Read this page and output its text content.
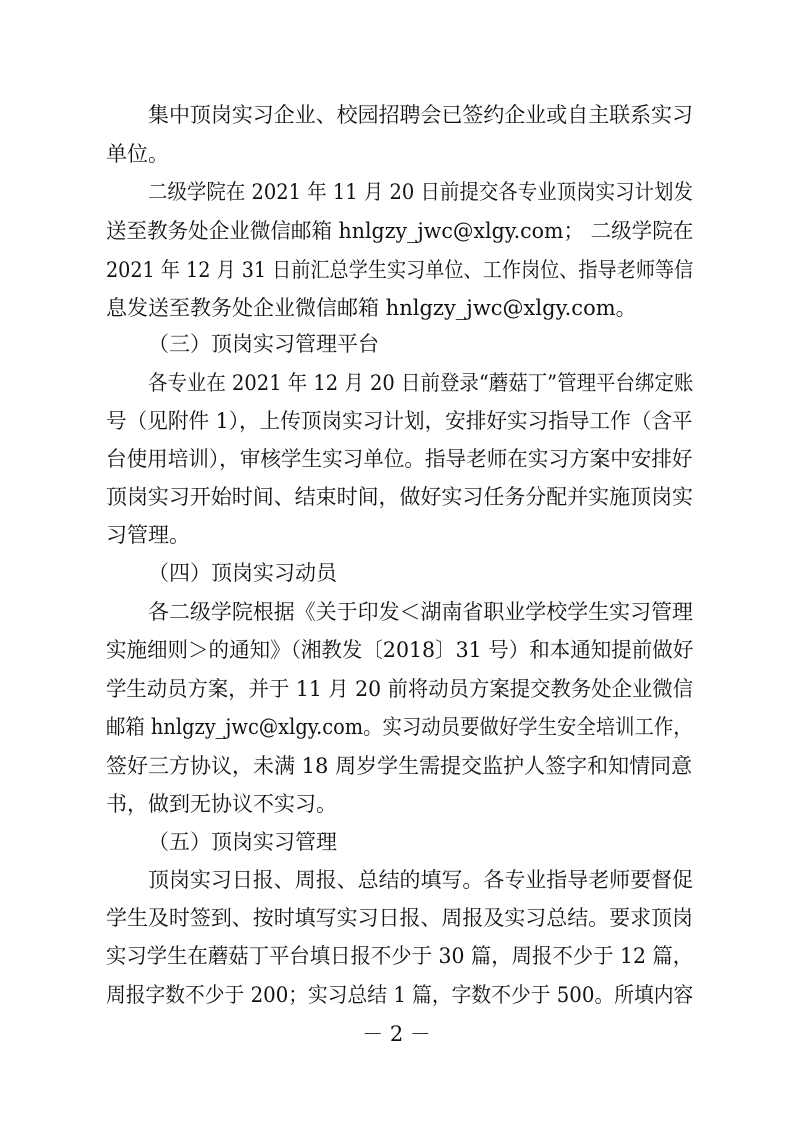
集中顶岗实习企业、校园招聘会已签约企业或自主联系实习
单位。
二级学院在 2021 年 11 月 20 日前提交各专业顶岗实习计划发
送至教务处企业微信邮箱 hnlgzy_jwc@xlgy.com； 二级学院在
2021 年 12 月 31 日前汇总学生实习单位、工作岗位、指导老师等信
息发送至教务处企业微信邮箱 hnlgzy_jwc@xlgy.com。
（三）顶岗实习管理平台
各专业在 2021 年 12 月 20 日前登录“蘑菇丁”管理平台绑定账
号（见附件 1），上传顶岗实习计划，安排好实习指导工作（含平
台使用培训），审核学生实习单位。指导老师在实习方案中安排好
顶岗实习开始时间、结束时间，做好实习任务分配并实施顶岗实
习管理。
（四）顶岗实习动员
各二级学院根据《关于印发＜湖南省职业学校学生实习管理
实施细则＞的通知》（湘教发〔2018〕31 号）和本通知提前做好
学生动员方案，并于 11 月 20 前将动员方案提交教务处企业微信
邮箱 hnlgzy_jwc@xlgy.com。实习动员要做好学生安全培训工作，
签好三方协议，未满 18 周岁学生需提交监护人签字和知情同意
书，做到无协议不实习。
（五）顶岗实习管理
顶岗实习日报、周报、总结的填写。各专业指导老师要督促
学生及时签到、按时填写实习日报、周报及实习总结。要求顶岗
实习学生在蘑菇丁平台填日报不少于 30 篇，周报不少于 12 篇，
周报字数不少于 200；实习总结 1 篇，字数不少于 500。所填内容
－ 2 －
